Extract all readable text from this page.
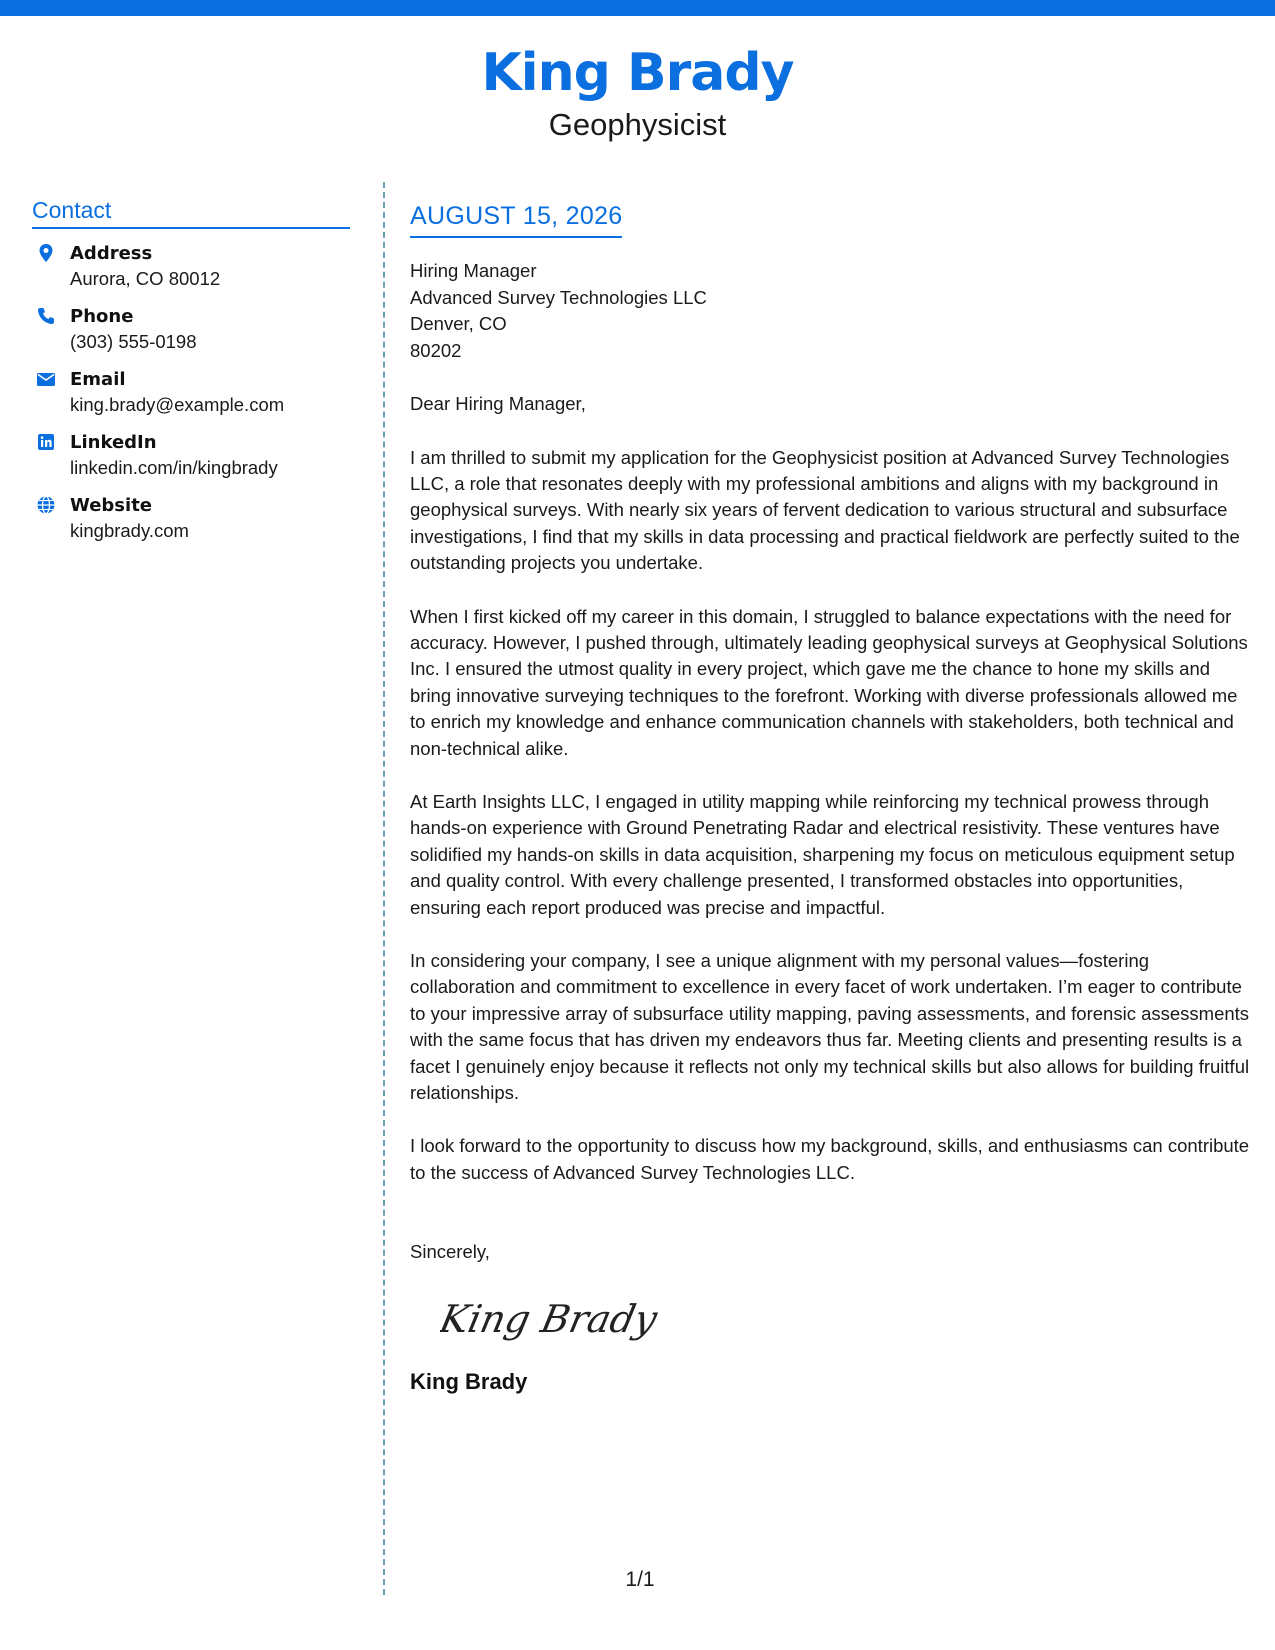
King Brady
Geophysicist
Contact
Address
Aurora, CO 80012
Phone
(303) 555-0198
Email
king.brady@example.com
LinkedIn
linkedin.com/in/kingbrady
Website
kingbrady.com
AUGUST 15, 2026
Hiring Manager
Advanced Survey Technologies LLC
Denver, CO
80202
Dear Hiring Manager,
I am thrilled to submit my application for the Geophysicist position at Advanced Survey Technologies LLC, a role that resonates deeply with my professional ambitions and aligns with my background in geophysical surveys. With nearly six years of fervent dedication to various structural and subsurface investigations, I find that my skills in data processing and practical fieldwork are perfectly suited to the outstanding projects you undertake.
When I first kicked off my career in this domain, I struggled to balance expectations with the need for accuracy. However, I pushed through, ultimately leading geophysical surveys at Geophysical Solutions Inc. I ensured the utmost quality in every project, which gave me the chance to hone my skills and bring innovative surveying techniques to the forefront. Working with diverse professionals allowed me to enrich my knowledge and enhance communication channels with stakeholders, both technical and non-technical alike.
At Earth Insights LLC, I engaged in utility mapping while reinforcing my technical prowess through hands-on experience with Ground Penetrating Radar and electrical resistivity. These ventures have solidified my hands-on skills in data acquisition, sharpening my focus on meticulous equipment setup and quality control. With every challenge presented, I transformed obstacles into opportunities, ensuring each report produced was precise and impactful.
In considering your company, I see a unique alignment with my personal values—fostering collaboration and commitment to excellence in every facet of work undertaken. I’m eager to contribute to your impressive array of subsurface utility mapping, paving assessments, and forensic assessments with the same focus that has driven my endeavors thus far. Meeting clients and presenting results is a facet I genuinely enjoy because it reflects not only my technical skills but also allows for building fruitful relationships.
I look forward to the opportunity to discuss how my background, skills, and enthusiasms can contribute to the success of Advanced Survey Technologies LLC.
Sincerely,
King Brady
King Brady
1/1
